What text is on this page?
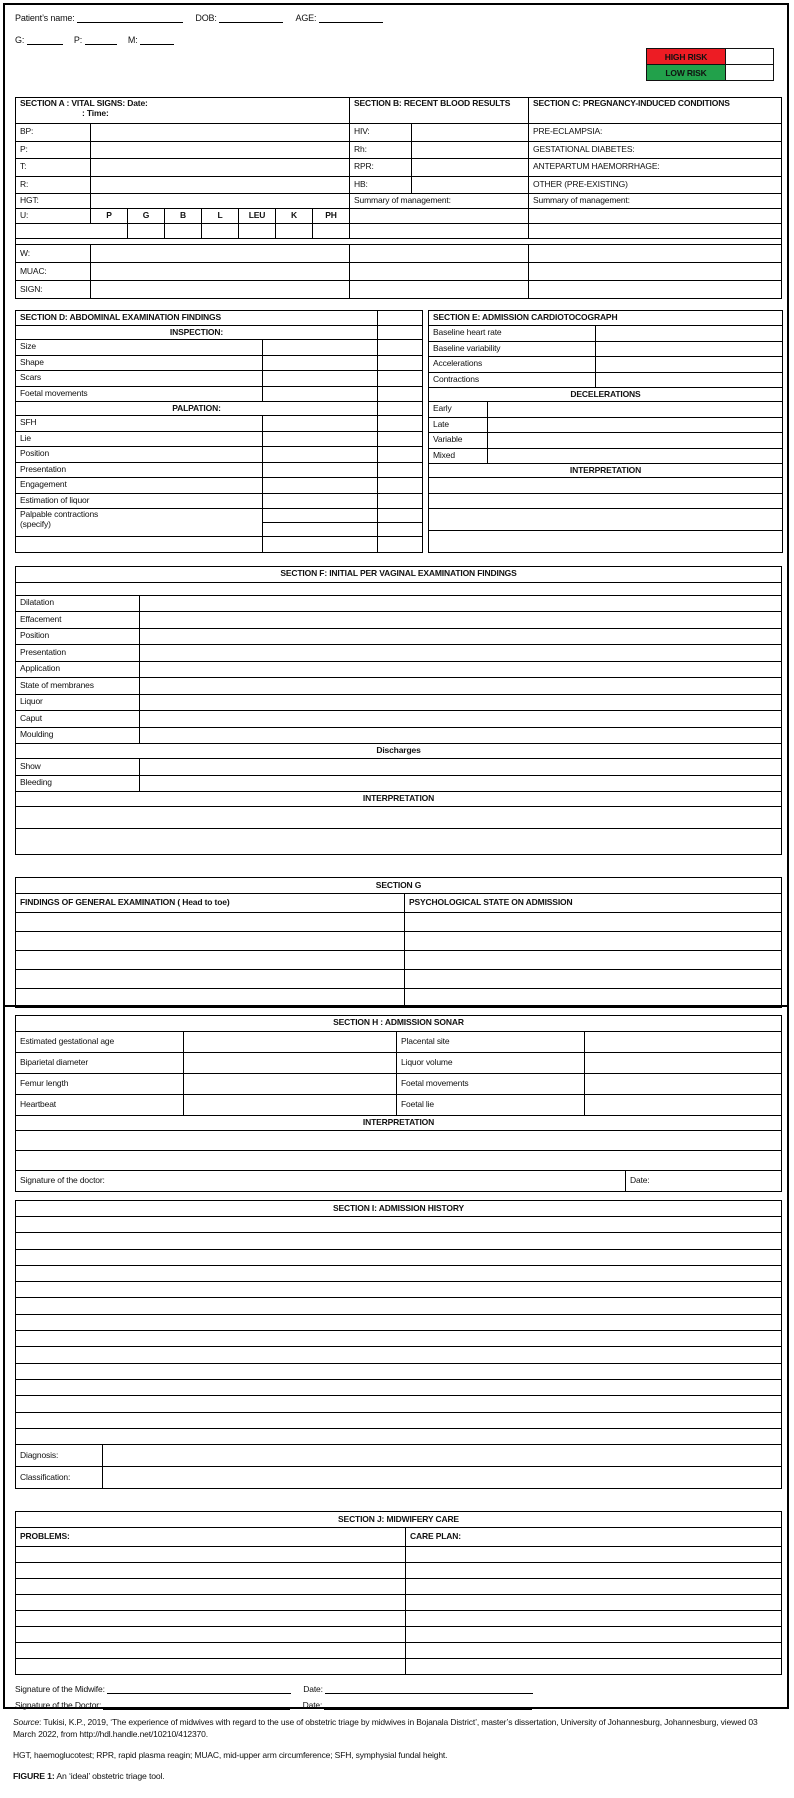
Patient’s name:	DOB:	AGE:
G:	P:	M:
HIGH RISK	
LOW RISK	
SECTION A : VITAL SIGNS: Date:
: Time:								SECTION B: RECENT BLOOD RESULTS		SECTION C: PREGNANCY-INDUCED CONDITIONS
BP:								HIV:		PRE-ECLAMPSIA:
P:								Rh:		GESTATIONAL DIABETES:
T:								RPR:		ANTEPARTUM HAEMORRHAGE:
R:								HB:		OTHER (PRE-EXISTING)
HGT:								Summary of management:		Summary of management:
U:	P	G	B	L	LEU	K	PH			

W:										
MUAC:										
SIGN:										
SECTION D: ABDOMINAL EXAMINATION FINDINGS		
INSPECTION:		
Size		
Shape		
Scars		
Foetal movements		
PALPATION:		
SFH		
Lie		
Position		
Presentation		
Engagement		
Estimation of liquor		

Palpable contractions
(specify)		

SECTION E: ADMISSION CARDIOTOCOGRAPH		
Baseline heart rate		
Baseline variability		
Accelerations		
Contractions		
DECELERATIONS		
Early		
Late		
Variable		
Mixed		
INTERPRETATION		

SECTION F: INITIAL PER VAGINAL EXAMINATION FINDINGS	

Dilatation	
Effacement	
Position	
Presentation	
Application	
State of membranes	
Liquor	
Caput	
Moulding	
Discharges	
Show	
Bleeding	
INTERPRETATION	

SECTION G	
FINDINGS OF GENERAL EXAMINATION ( Head to toe)	PSYCHOLOGICAL STATE ON ADMISSION

SECTION H : ADMISSION SONAR				
Estimated gestational age		Placental site		
Biparietal diameter		Liquor volume		
Femur length		Foetal movements		
Heartbeat		Foetal lie		
INTERPRETATION				

Signature of the doctor:				Date:
SECTION I: ADMISSION HISTORY	

Diagnosis:	
Classification:	
SECTION J: MIDWIFERY CARE	
PROBLEMS:	CARE PLAN:

Signature of the Midwife:	Date:
Signature of the Doctor:	Date:
Source: Tukisi, K.P., 2019, ‘The experience of midwives with regard to the use of obstetric triage by midwives in Bojanala District’, master’s dissertation, University of Johannesburg, Johannesburg, viewed 03 March 2022, from http://hdl.handle.net/10210/412370.
HGT, haemoglucotest; RPR, rapid plasma reagin; MUAC, mid-upper arm circumference; SFH, symphysial fundal height.
FIGURE 1: An ‘ideal’ obstetric triage tool.
